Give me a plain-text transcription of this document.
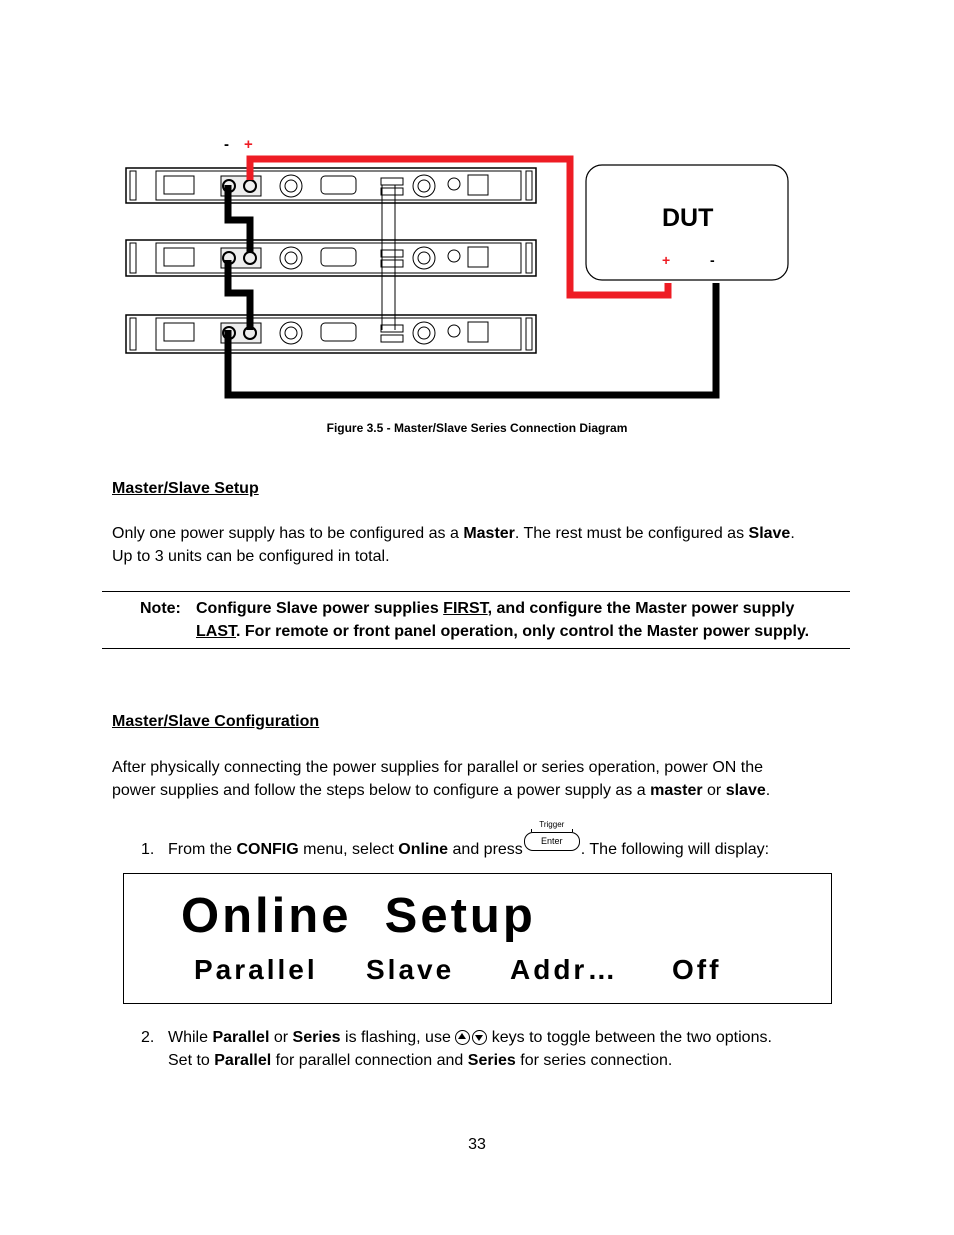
- +
DUT
+	-
Figure 3.5 - Master/Slave Series Connection Diagram
Master/Slave Setup
Only one power supply has to be configured as a Master. The rest must be configured as Slave.
Up to 3 units can be configured in total.
Note: Configure Slave power supplies FIRST, and configure the Master power supply
LAST. For remote or front panel operation, only control the Master power supply.
Master/Slave Configuration
After physically connecting the power supplies for parallel or series operation, power ON the
power supplies and follow the steps below to configure a power supply as a master or slave.
1. From the CONFIG menu, select Online and press
Trigger
Enter	. The following will display:
Online  Setup
Parallel Slave Addr… Off
2. While Parallel or Series is flashing, use
keys to toggle between the two options.
Set to Parallel for parallel connection and Series for series connection.
33
